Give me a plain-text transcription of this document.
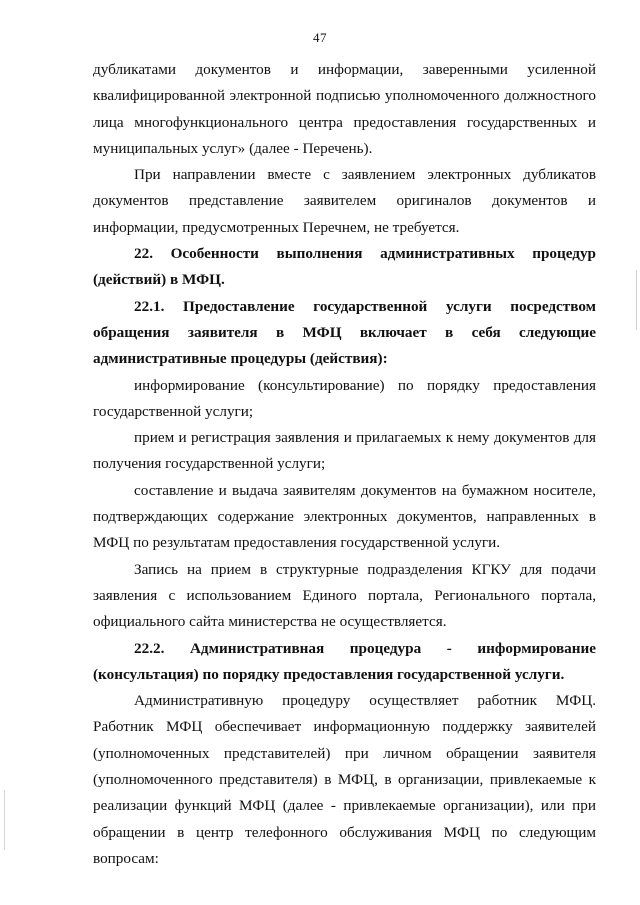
47

дубликатами документов и информации, заверенными усиленной квалифицированной электронной подписью уполномоченного должностного лица многофункционального центра предоставления государственных и муниципальных услуг» (далее - Перечень).

При направлении вместе с заявлением электронных дубликатов документов представление заявителем оригиналов документов и информации, предусмотренных Перечнем, не требуется.

22. Особенности выполнения административных процедур (действий) в МФЦ.

22.1. Предоставление государственной услуги посредством обращения заявителя в МФЦ включает в себя следующие административные процедуры (действия):

информирование (консультирование) по порядку предоставления государственной услуги;

прием и регистрация заявления и прилагаемых к нему документов для получения государственной услуги;

составление и выдача заявителям документов на бумажном носителе, подтверждающих содержание электронных документов, направленных в МФЦ по результатам предоставления государственной услуги.

Запись на прием в структурные подразделения КГКУ для подачи заявления с использованием Единого портала, Регионального портала, официального сайта министерства не осуществляется.

22.2. Административная процедура - информирование (консультация) по порядку предоставления государственной услуги.

Административную процедуру осуществляет работник МФЦ. Работник МФЦ обеспечивает информационную поддержку заявителей (уполномоченных представителей) при личном обращении заявителя (уполномоченного представителя) в МФЦ, в организации, привлекаемые к реализации функций МФЦ (далее - привлекаемые организации), или при обращении в центр телефонного обслуживания МФЦ по следующим вопросам:
